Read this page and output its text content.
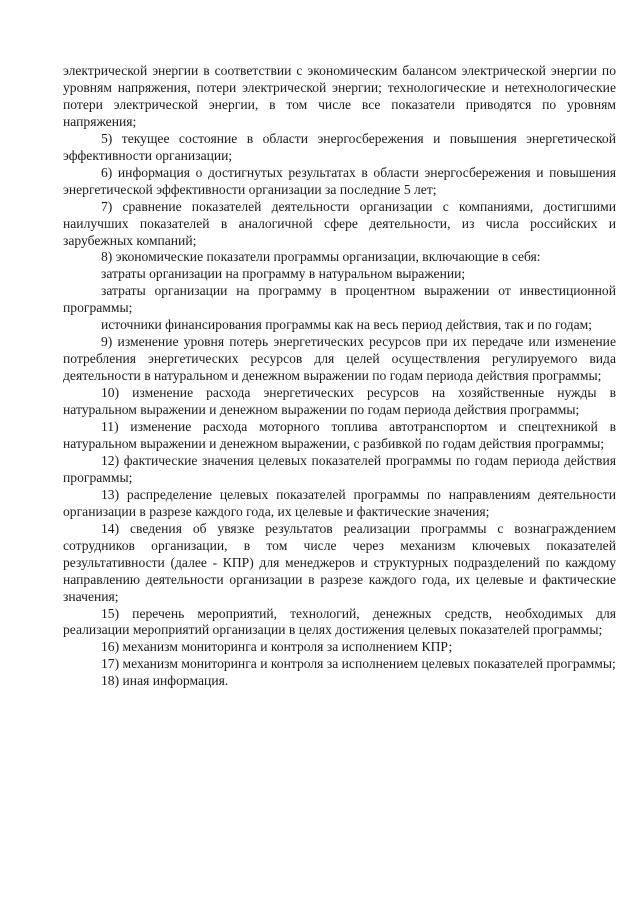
электрической энергии в соответствии с экономическим балансом электрической энергии по уровням напряжения, потери электрической энергии; технологические и нетехнологические потери электрической энергии, в том числе все показатели приводятся по уровням напряжения;

5) текущее состояние в области энергосбережения и повышения энергетической эффективности организации;

6) информация о достигнутых результатах в области энергосбережения и повышения энергетической эффективности организации за последние 5 лет;

7) сравнение показателей деятельности организации с компаниями, достигшими наилучших показателей в аналогичной сфере деятельности, из числа российских и зарубежных компаний;

8) экономические показатели программы организации, включающие в себя:

затраты организации на программу в натуральном выражении;

затраты организации на программу в процентном выражении от инвестиционной программы;

источники финансирования программы как на весь период действия, так и по годам;

9) изменение уровня потерь энергетических ресурсов при их передаче или изменение потребления энергетических ресурсов для целей осуществления регулируемого вида деятельности в натуральном и денежном выражении по годам периода действия программы;

10) изменение расхода энергетических ресурсов на хозяйственные нужды в натуральном выражении и денежном выражении по годам периода действия программы;

11) изменение расхода моторного топлива автотранспортом и спецтехникой в натуральном выражении и денежном выражении, с разбивкой по годам действия программы;

12) фактические значения целевых показателей программы по годам периода действия программы;

13) распределение целевых показателей программы по направлениям деятельности организации в разрезе каждого года, их целевые и фактические значения;

14) сведения об увязке результатов реализации программы с вознаграждением сотрудников организации, в том числе через механизм ключевых показателей результативности (далее - КПР) для менеджеров и структурных подразделений по каждому направлению деятельности организации в разрезе каждого года, их целевые и фактические значения;

15) перечень мероприятий, технологий, денежных средств, необходимых для реализации мероприятий организации в целях достижения целевых показателей программы;

16) механизм мониторинга и контроля за исполнением КПР;

17) механизм мониторинга и контроля за исполнением целевых показателей программы;

18) иная информация.
